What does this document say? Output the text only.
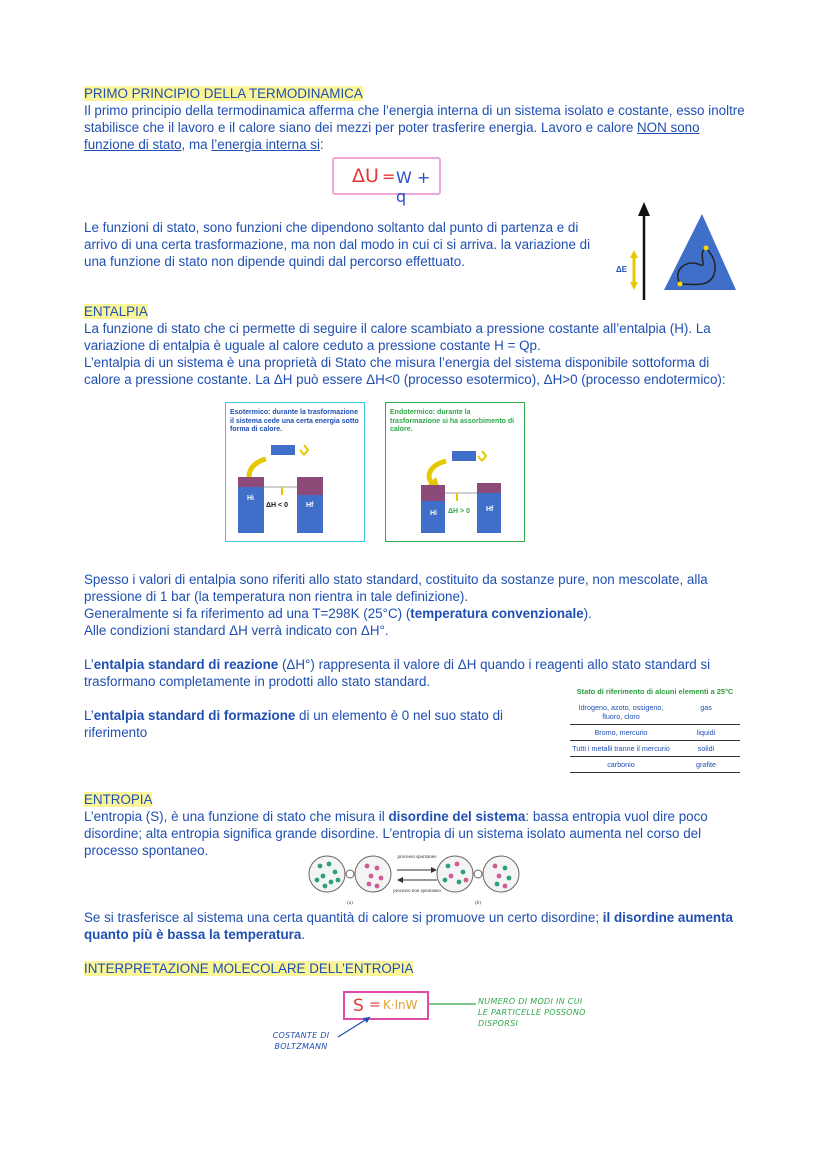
PRIMO PRINCIPIO DELLA TERMODINAMICA

Il primo principio della termodinamica afferma che l’energia interna di un sistema isolato e costante, esso inoltre stabilisce che il lavoro e il calore siano dei mezzi per poter trasferire energia. Lavoro e calore NON sono funzione di stato, ma l’energia interna si:

ΔU = W + q

Le funzioni di stato, sono funzioni che dipendono soltanto dal punto di partenza e di arrivo di una certa trasformazione, ma non dal modo in cui ci si arriva. la variazione di una funzione di stato non dipende quindi dal percorso effettuato.

ΔE

ENTALPIA

La funzione di stato che ci permette di seguire il calore scambiato a pressione costante all’entalpia (H). La variazione di entalpia è uguale al calore ceduto a pressione costante H = Qp.
L’entalpia di un sistema è una proprietà di Stato che misura l’energia del sistema disponibile sottoforma di calore a pressione costante. La ΔH può essere ΔH<0 (processo esotermico), ΔH>0 (processo endotermico):

Esotermico: durante la trasformazione il sistema cede una certa energia sotto forma di calore.
Hi
Hf
ΔH < 0
Endotermico: durante la trasformazione si ha assorbimento di calore.
Hi
Hf
ΔH > 0

Spesso i valori di entalpia sono riferiti allo stato standard, costituito da sostanze pure, non mescolate, alla pressione di 1 bar (la temperatura non rientra in tale definizione).

Generalmente si fa riferimento ad una T=298K (25°C) (temperatura convenzionale).

Alle condizioni standard ΔH verrà indicato con ΔH°.

L’entalpia standard di reazione (ΔH°) rappresenta il valore di ΔH quando i reagenti allo stato standard si trasformano completamente in prodotti allo stato standard.

L’entalpia standard di formazione di un elemento è 0 nel suo stato di riferimento

Stato di riferimento di alcuni elementi a 25°C
Idrogeno, azoto, ossigeno, fluoro, cloro	gas
Bromo, mercurio	liquidi
Tutti i metalli tranne il mercurio	solidi
carbonio	grafite

ENTROPIA

L’entropia (S), è una funzione di stato che misura il disordine del sistema: bassa entropia vuol dire poco disordine; alta entropia significa grande disordine. L’entropia di un sistema isolato aumenta nel corso del processo spontaneo.	processo spontaneo
processo non spontaneo
(a)	(b)

Se si trasferisce al sistema una certa quantità di calore si promuove un certo disordine; il disordine aumenta quanto più è bassa la temperatura.

INTERPRETAZIONE MOLECOLARE DELL’ENTROPIA

S = K·lnW	NUMERO DI MODI IN CUI LE PARTICELLE POSSONO DISPORSI
COSTANTE DI BOLTZMANN
